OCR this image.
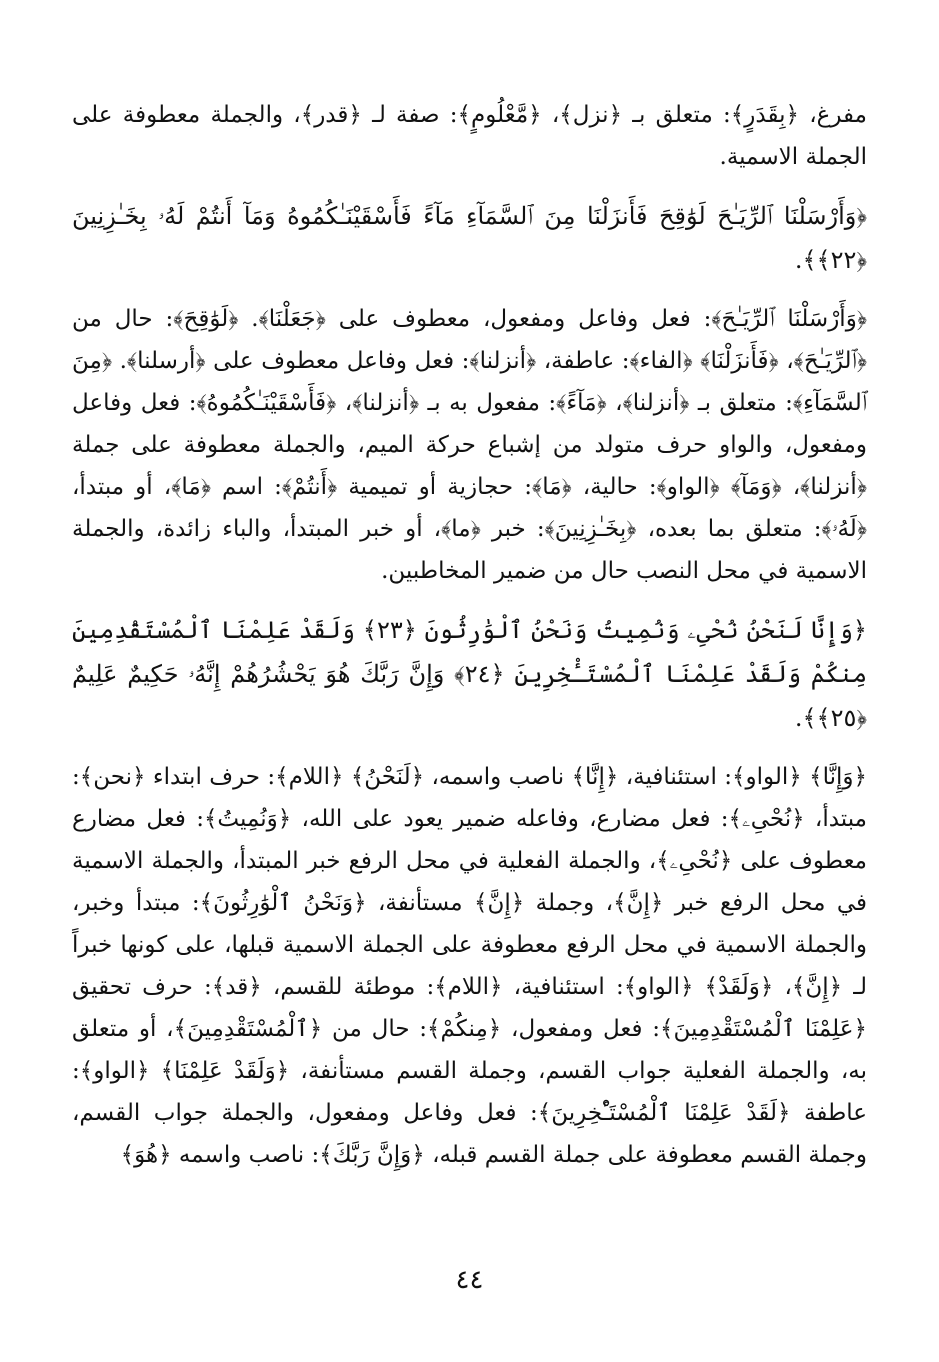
مفرغ، ﴿بِقَدَرٍ﴾: متعلق بـ ﴿نزل﴾، ﴿مَّعْلُومٍ﴾: صفة لـ ﴿قدر﴾، والجملة معطوفة على الجملة الاسمية.

﴿وَأَرْسَلْنَا ٱلرِّيَـٰحَ لَوَٰقِحَ فَأَنزَلْنَا مِنَ ٱلسَّمَآءِ مَآءً فَأَسْقَيْنَـٰكُمُوهُ وَمَآ أَنتُمْ لَهُۥ بِخَـٰزِنِينَ ﴿٢٢﴾﴾.

﴿وَأَرْسَلْنَا ٱلرِّيَـٰحَ﴾: فعل وفاعل ومفعول، معطوف على ﴿جَعَلْنَا﴾. ﴿لَوَٰقِحَ﴾: حال من ﴿ٱلرِّيَـٰحَ﴾، ﴿فَأَنزَلْنَا﴾ ﴿الفاء﴾: عاطفة، ﴿أنزلنا﴾: فعل وفاعل معطوف على ﴿أرسلنا﴾. ﴿مِنَ ٱلسَّمَآءِ﴾: متعلق بـ ﴿أنزلنا﴾، ﴿مَآءً﴾: مفعول به بـ ﴿أنزلنا﴾، ﴿فَأَسْقَيْنَـٰكُمُوهُ﴾: فعل وفاعل ومفعول، والواو حرف متولد من إشباع حركة الميم، والجملة معطوفة على جملة ﴿أنزلنا﴾، ﴿وَمَآ﴾ ﴿الواو﴾: حالية، ﴿مَا﴾: حجازية أو تميمية ﴿أَنتُمْ﴾: اسم ﴿مَا﴾، أو مبتدأ، ﴿لَهُۥ﴾: متعلق بما بعده، ﴿بِخَـٰزِنِينَ﴾: خبر ﴿ما﴾، أو خبر المبتدأ، والباء زائدة، والجملة الاسمية في محل النصب حال من ضمير المخاطبين.

﴿وَإِنَّا لَنَحْنُ نُحْىِۦ وَنُمِيتُ وَنَحْنُ ٱلْوَٰرِثُونَ ﴿٢٣﴾ وَلَقَدْ عَلِمْنَا ٱلْمُسْتَقْدِمِينَ مِنكُمْ وَلَقَدْ عَلِمْنَا ٱلْمُسْتَـْٔخِرِينَ ﴿٢٤﴾ وَإِنَّ رَبَّكَ هُوَ يَحْشُرُهُمْ إِنَّهُۥ حَكِيمٌ عَلِيمٌ ﴿٢٥﴾﴾.

﴿وَإِنَّا﴾ ﴿الواو﴾: استئنافية، ﴿إِنَّا﴾ ناصب واسمه، ﴿لَنَحْنُ﴾ ﴿اللام﴾: حرف ابتداء ﴿نحن﴾: مبتدأ، ﴿نُحْىِۦ﴾: فعل مضارع، وفاعله ضمير يعود على الله، ﴿وَنُمِيتُ﴾: فعل مضارع معطوف على ﴿نُحْىِۦ﴾، والجملة الفعلية في محل الرفع خبر المبتدأ، والجملة الاسمية في محل الرفع خبر ﴿إِنَّ﴾، وجملة ﴿إِنَّ﴾ مستأنفة، ﴿وَنَحْنُ ٱلْوَٰرِثُونَ﴾: مبتدأ وخبر، والجملة الاسمية في محل الرفع معطوفة على الجملة الاسمية قبلها، على كونها خبراً لـ ﴿إِنَّ﴾، ﴿وَلَقَدْ﴾ ﴿الواو﴾: استئنافية، ﴿اللام﴾: موطئة للقسم، ﴿قد﴾: حرف تحقيق ﴿عَلِمْنَا ٱلْمُسْتَقْدِمِينَ﴾: فعل ومفعول، ﴿مِنكُمْ﴾: حال من ﴿ٱلْمُسْتَقْدِمِينَ﴾، أو متعلق به، والجملة الفعلية جواب القسم، وجملة القسم مستأنفة، ﴿وَلَقَدْ عَلِمْنَا﴾ ﴿الواو﴾: عاطفة ﴿لَقَدْ عَلِمْنَا ٱلْمُسْتَـْٔخِرِينَ﴾: فعل وفاعل ومفعول، والجملة جواب القسم، وجملة القسم معطوفة على جملة القسم قبله، ﴿وَإِنَّ رَبَّكَ﴾: ناصب واسمه ﴿هُوَ﴾

٤٤
